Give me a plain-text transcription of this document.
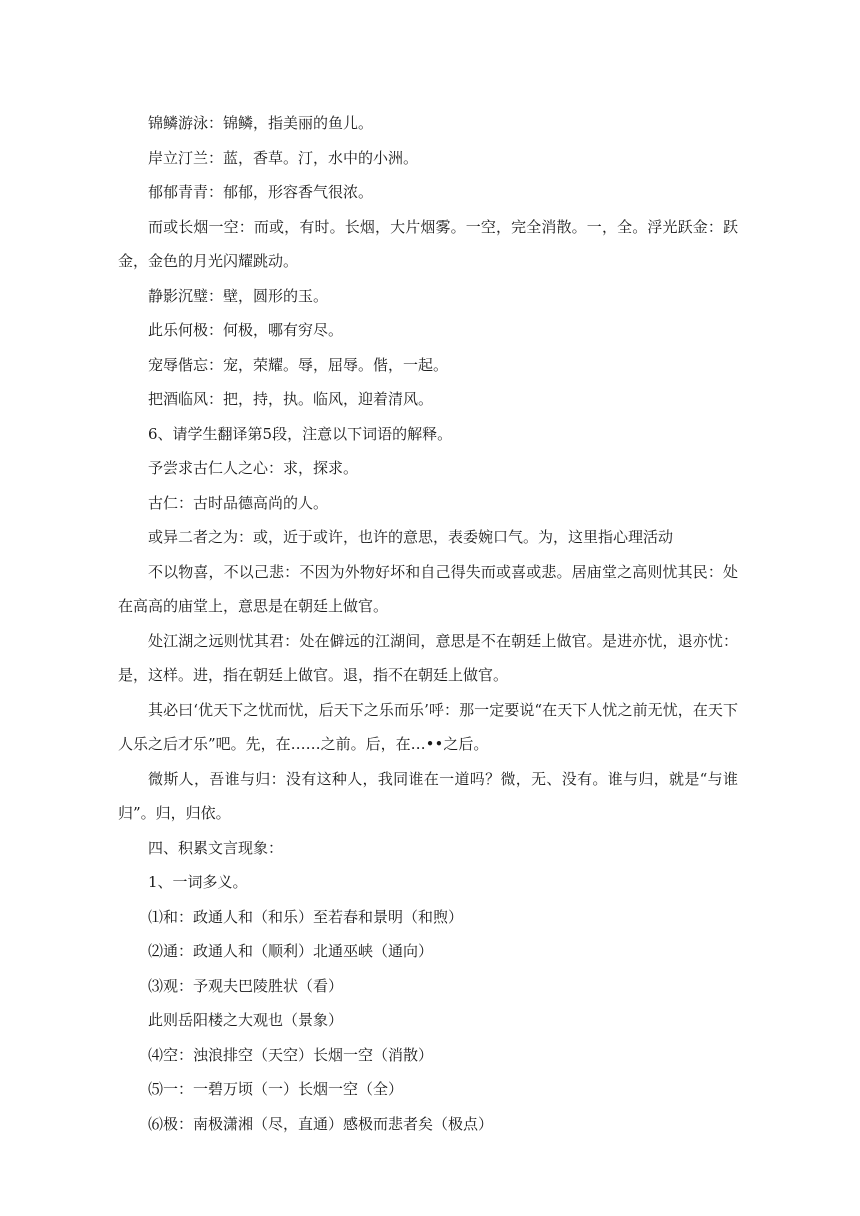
锦鳞游泳：锦鳞，指美丽的鱼儿。

岸立汀兰：蓝，香草。汀，水中的小洲。

郁郁青青：郁郁，形容香气很浓。

而或长烟一空：而或，有时。长烟，大片烟雾。一空，完全消散。一，全。浮光跃金：跃金，金色的月光闪耀跳动。

静影沉璧：壁，圆形的玉。

此乐何极：何极，哪有穷尽。

宠辱偕忘：宠，荣耀。辱，屈辱。偕，一起。

把酒临风：把，持，执。临风，迎着清风。

6、请学生翻译第5段，注意以下词语的解释。

予尝求古仁人之心：求，探求。

古仁：古时品德高尚的人。

或异二者之为：或，近于或许，也许的意思，表委婉口气。为，这里指心理活动

不以物喜，不以己悲：不因为外物好坏和自己得失而或喜或悲。居庙堂之高则忧其民：处在高高的庙堂上，意思是在朝廷上做官。

处江湖之远则忧其君：处在僻远的江湖间，意思是不在朝廷上做官。是进亦忧，退亦忧：是，这样。进，指在朝廷上做官。退，指不在朝廷上做官。

其必曰‘优天下之忧而忧，后天下之乐而乐’呼：那一定要说“在天下人忧之前无忧，在天下人乐之后才乐”吧。先，在……之前。后，在…••之后。

微斯人，吾谁与归：没有这种人，我同谁在一道吗？微，无、没有。谁与归，就是“与谁归”。归，归依。

四、积累文言现象：

1、一词多义。

⑴和：政通人和（和乐）至若春和景明（和煦）

⑵通：政通人和（顺利）北通巫峡（通向）

⑶观：予观夫巴陵胜状（看）

此则岳阳楼之大观也（景象）

⑷空：浊浪排空（天空）长烟一空（消散）

⑸一：一碧万顷（一）长烟一空（全）

⑹极：南极潇湘（尽，直通）感极而悲者矣（极点）
